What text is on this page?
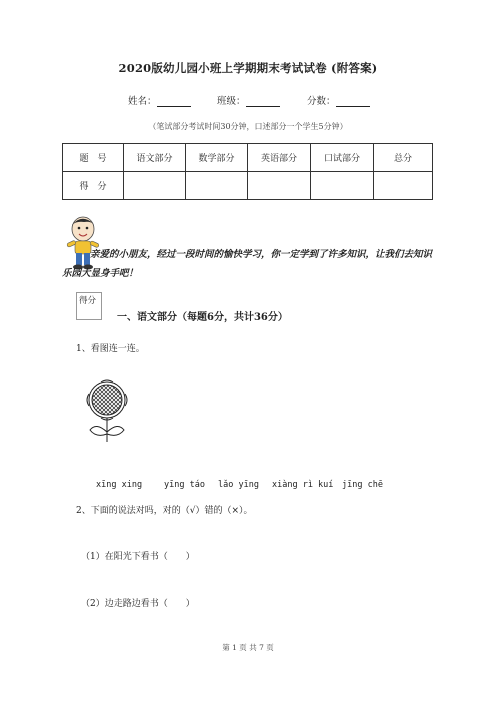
2020版幼儿园小班上学期期末考试试卷 (附答案)
姓名：	班级：	分数：
（笔试部分考试时间30分钟，口述部分一个学生5分钟）
题　号	语文部分	数学部分	英语部分	口试部分	总分
得　分					
亲爱的小朋友，经过一段时间的愉快学习，你一定学到了许多知识，让我们去知识乐园大显身手吧！
得分
一、语文部分（每题6分，共计36分）
1、看图连一连。
xīng xing	yīng táo lǎo yīng xiàng rì kuí jīng chē
2、下面的说法对吗，对的（√）错的（×）。
（1）在阳光下看书（　　）
（2）边走路边看书（　　）
第 1 页 共 7 页
